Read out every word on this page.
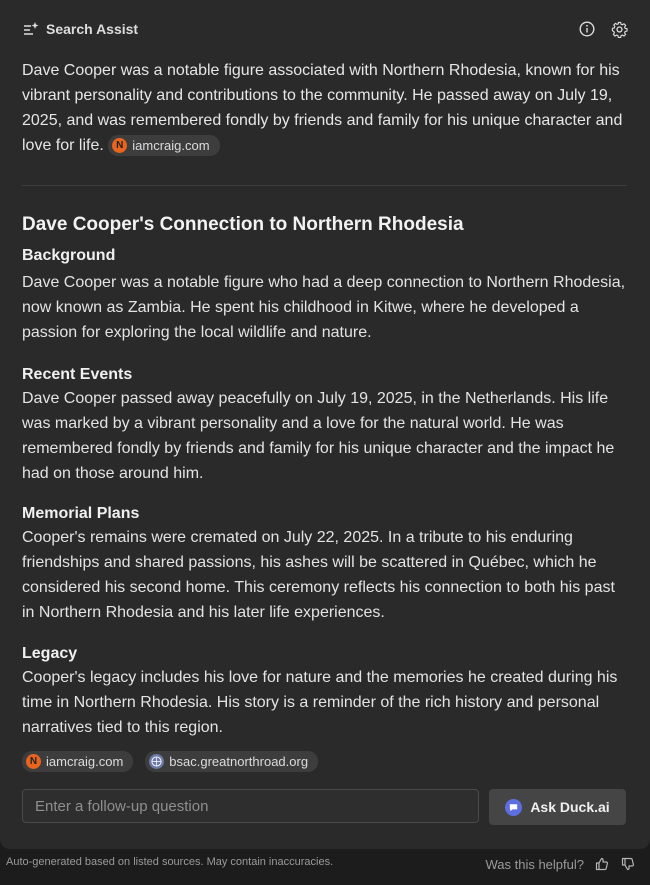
Search Assist
Dave Cooper was a notable figure associated with Northern Rhodesia, known for his vibrant personality and contributions to the community. He passed away on July 19, 2025, and was remembered fondly by friends and family for his unique character and love for life.	N iamcraig.com
Dave Cooper's Connection to Northern Rhodesia
Background
Dave Cooper was a notable figure who had a deep connection to Northern Rhodesia, now known as Zambia. He spent his childhood in Kitwe, where he developed a passion for exploring the local wildlife and nature.
Recent Events
Dave Cooper passed away peacefully on July 19, 2025, in the Netherlands. His life was marked by a vibrant personality and a love for the natural world. He was remembered fondly by friends and family for his unique character and the impact he had on those around him.
Memorial Plans
Cooper's remains were cremated on July 22, 2025. In a tribute to his enduring friendships and shared passions, his ashes will be scattered in Québec, which he considered his second home. This ceremony reflects his connection to both his past in Northern Rhodesia and his later life experiences.
Legacy
Cooper's legacy includes his love for nature and the memories he created during his time in Northern Rhodesia. His story is a reminder of the rich history and personal narratives tied to this region.
N iamcraig.com	bsac.greatnorthroad.org
Enter a follow-up question
Ask Duck.ai
Auto-generated based on listed sources. May contain inaccuracies.	Was this helpful?
